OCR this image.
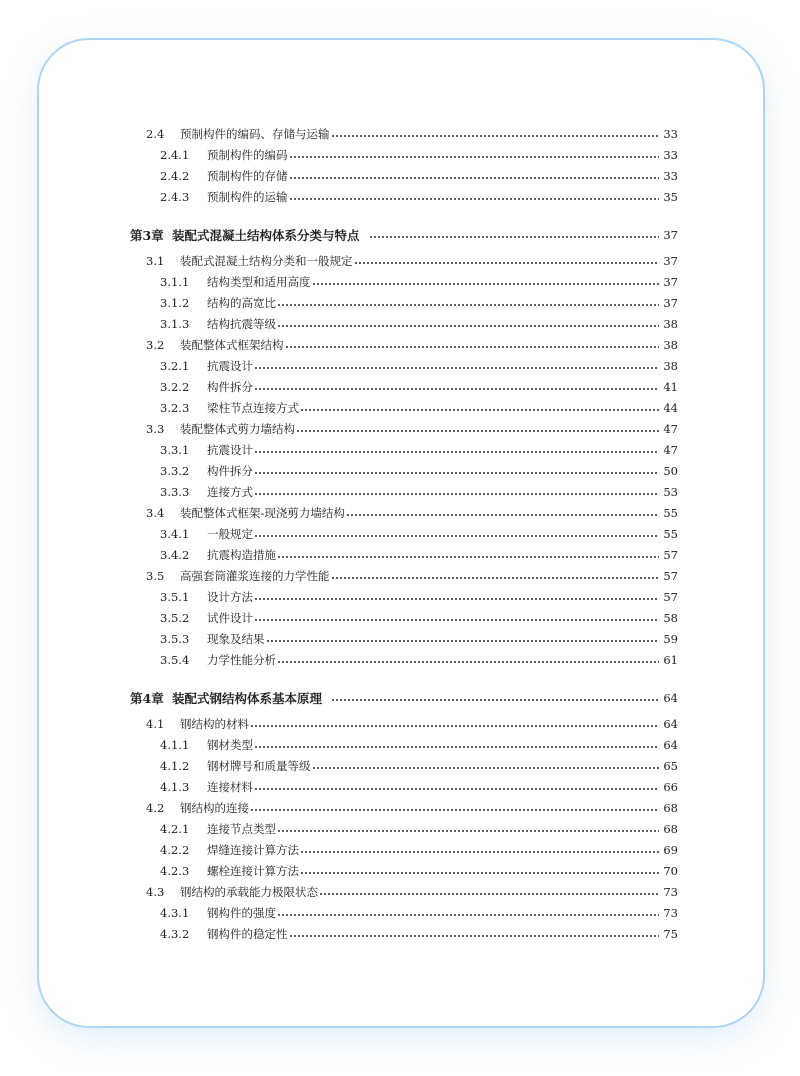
2.4	预制构件的编码、存储与运输	33
2.4.1	预制构件的编码	33
2.4.2	预制构件的存储	33
2.4.3	预制构件的运输	35
第3章 装配式混凝土结构体系分类与特点	37
3.1	装配式混凝土结构分类和一般规定	37
3.1.1	结构类型和适用高度	37
3.1.2	结构的高宽比	37
3.1.3	结构抗震等级	38
3.2	装配整体式框架结构	38
3.2.1	抗震设计	38
3.2.2	构件拆分	41
3.2.3	梁柱节点连接方式	44
3.3	装配整体式剪力墙结构	47
3.3.1	抗震设计	47
3.3.2	构件拆分	50
3.3.3	连接方式	53
3.4	装配整体式框架-现浇剪力墙结构	55
3.4.1	一般规定	55
3.4.2	抗震构造措施	57
3.5	高强套筒灌浆连接的力学性能	57
3.5.1	设计方法	57
3.5.2	试件设计	58
3.5.3	现象及结果	59
3.5.4	力学性能分析	61
第4章 装配式钢结构体系基本原理	64
4.1	钢结构的材料	64
4.1.1	钢材类型	64
4.1.2	钢材牌号和质量等级	65
4.1.3	连接材料	66
4.2	钢结构的连接	68
4.2.1	连接节点类型	68
4.2.2	焊缝连接计算方法	69
4.2.3	螺栓连接计算方法	70
4.3	钢结构的承载能力极限状态	73
4.3.1	钢构件的强度	73
4.3.2	钢构件的稳定性	75
